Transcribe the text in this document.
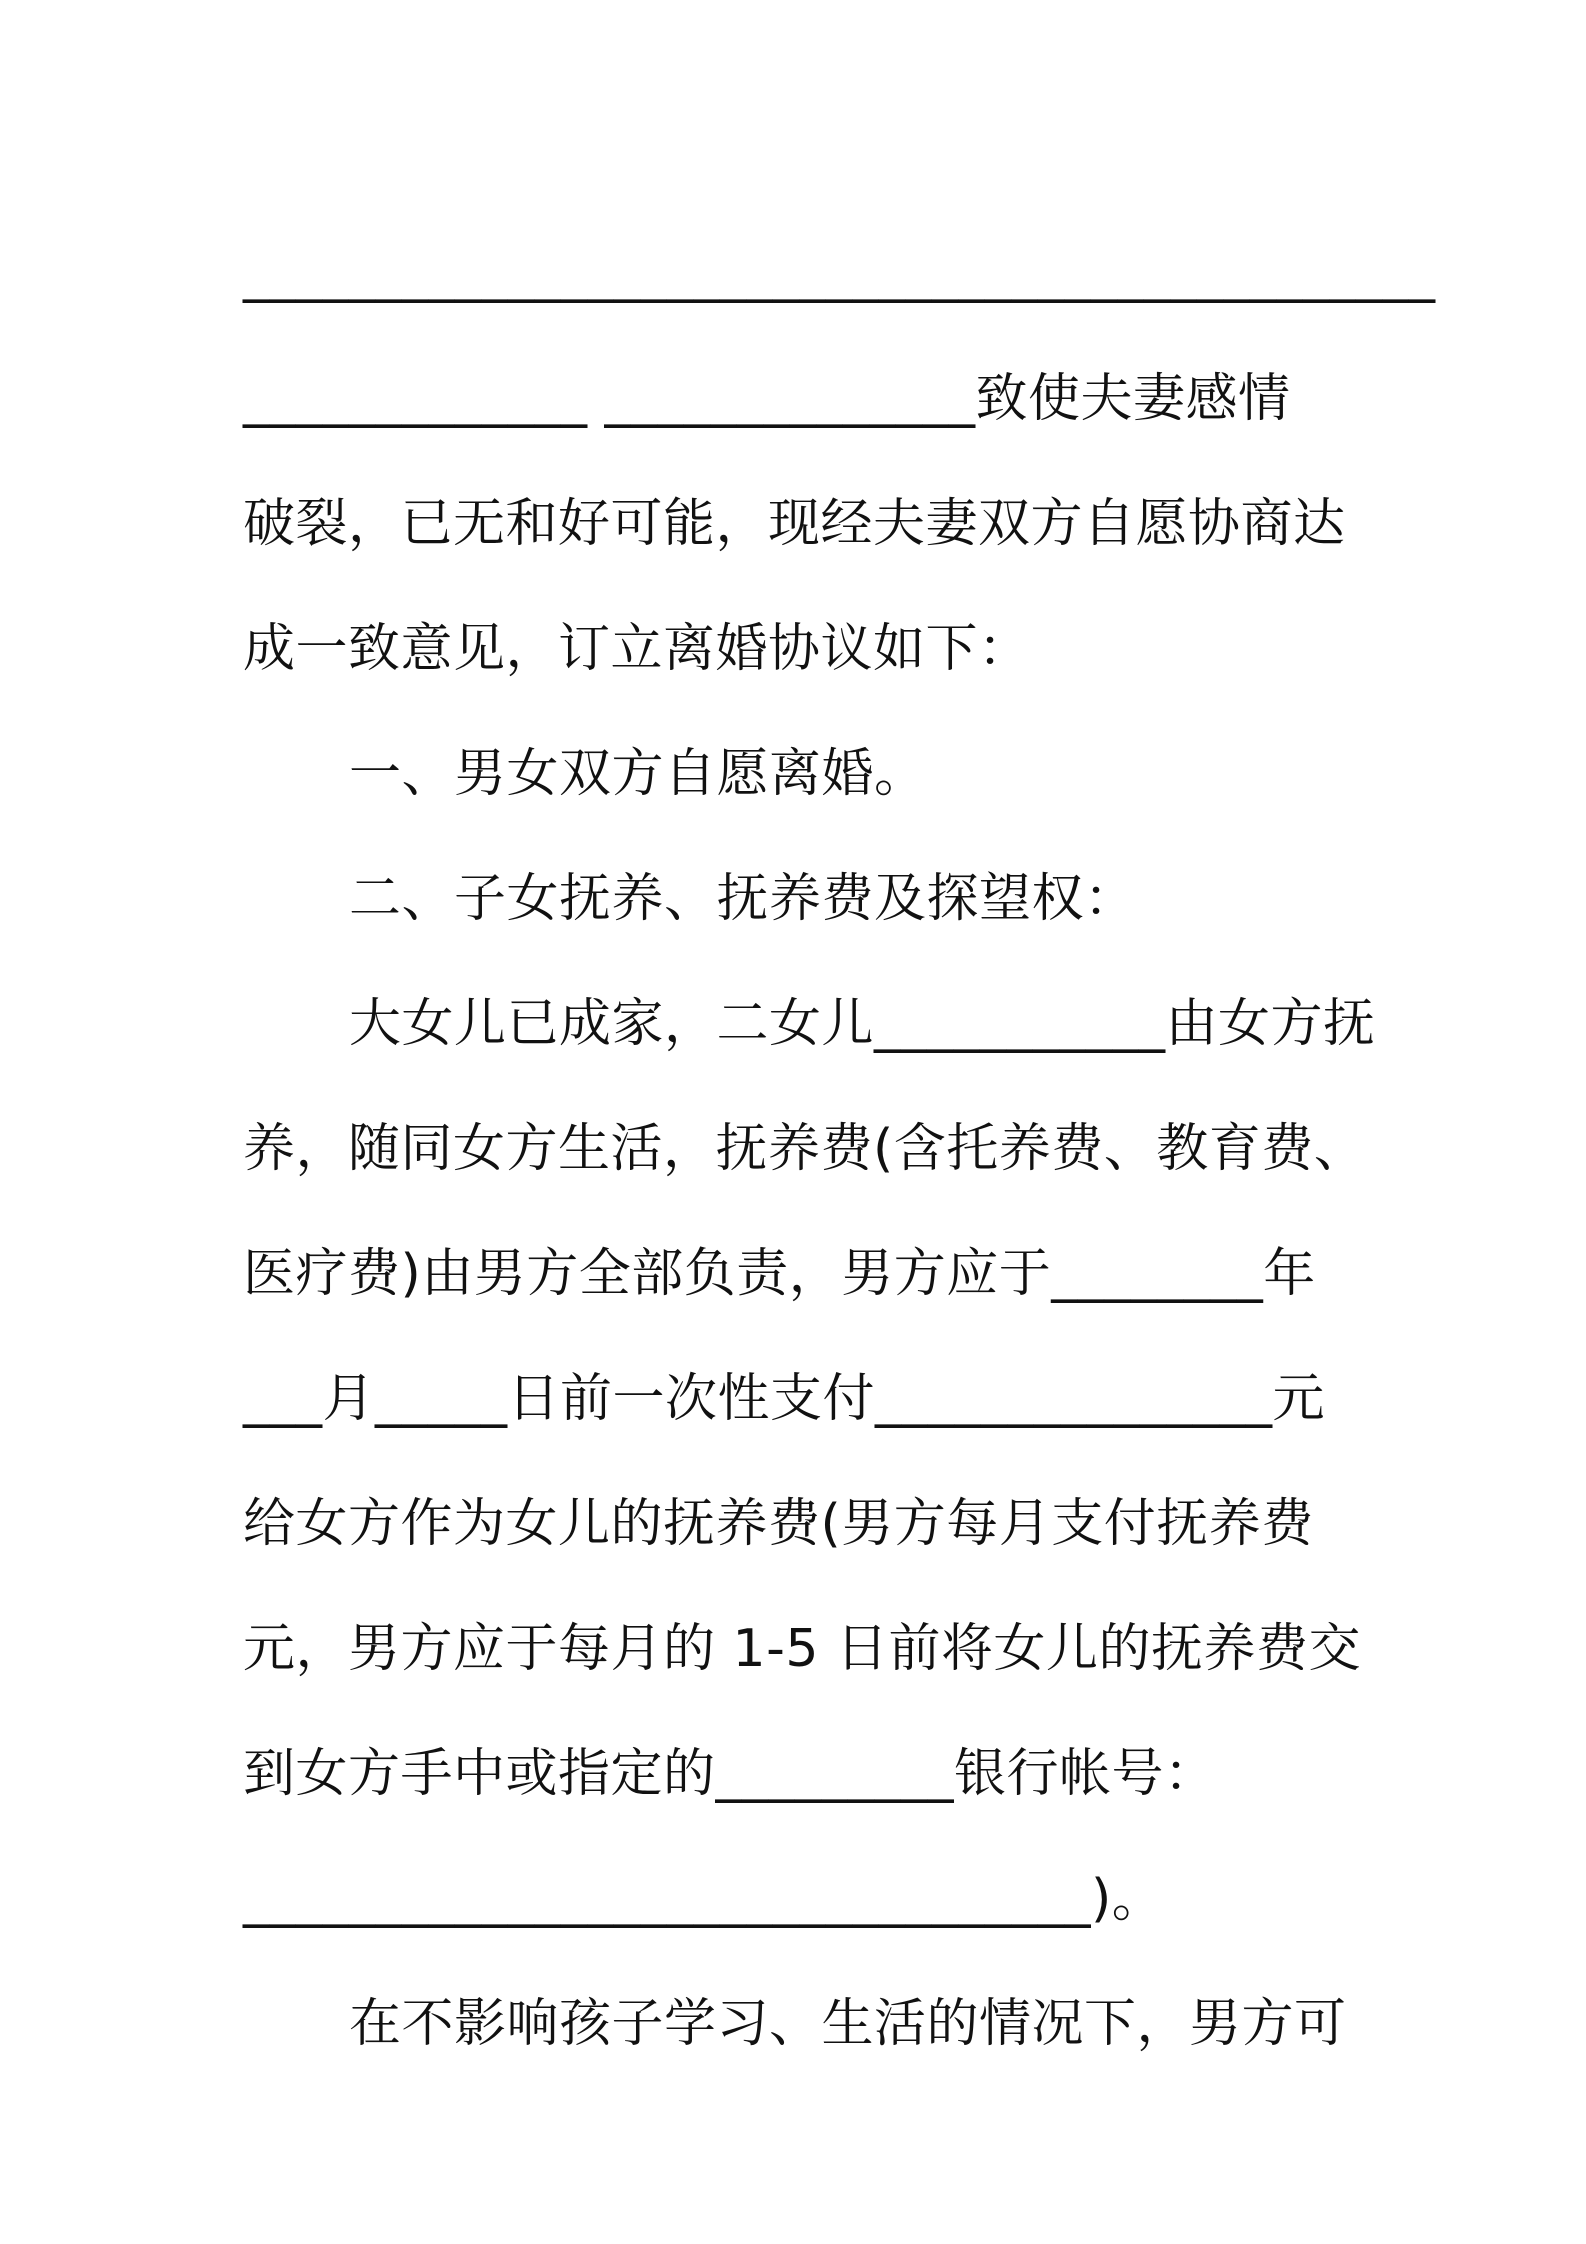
_____________________________________________
_____________ ______________致使夫妻感情
破裂，已无和好可能，现经夫妻双方自愿协商达
成一致意见，订立离婚协议如下：
一、男女双方自愿离婚。
二、子女抚养、抚养费及探望权：
大女儿已成家，二女儿___________由女方抚
养，随同女方生活，抚养费(含托养费、教育费、
医疗费)由男方全部负责，男方应于________年
___月_____日前一次性支付_______________元
给女方作为女儿的抚养费(男方每月支付抚养费
元，男方应于每月的 1-5 日前将女儿的抚养费交
到女方手中或指定的_________银行帐号：
________________________________)。
在不影响孩子学习、生活的情况下，男方可
